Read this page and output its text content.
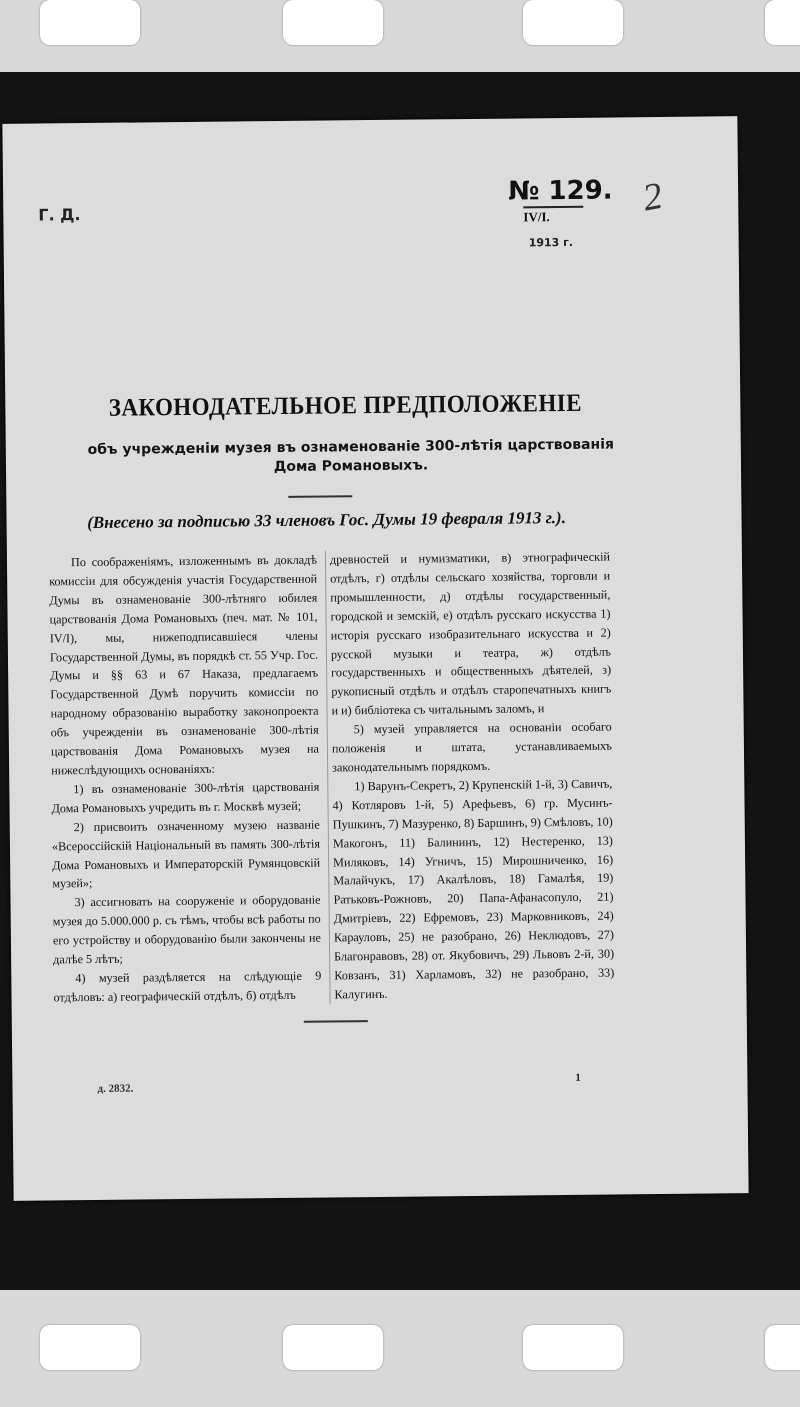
Г. Д.
№ 129.
IV/I.
1913 г.
2
ЗАКОНОДАТЕЛЬНОЕ ПРЕДПОЛОЖЕНІЕ
объ учрежденіи музея въ ознаменованіе 300-лѣтія царствованія Дома Романовыхъ.
(Внесено за подписью 33 членовъ Гос. Думы 19 февраля 1913 г.).

По соображеніямъ, изложеннымъ въ докладѣ комиссіи для обсужденія участія Государственной Думы въ ознаменованіе 300-лѣтняго юбилея царствованія Дома Романовыхъ (печ. мат. № 101, IV/I), мы, нижеподписавшіеся члены Государственной Думы, въ порядкѣ ст. 55 Учр. Гос. Думы и §§ 63 и 67 Наказа, предлагаемъ Государственной Думѣ поручить комиссіи по народному образованію выработку законопроекта объ учрежденіи въ ознаменованіе 300-лѣтія царствованія Дома Романовыхъ музея на нижеслѣдующихъ основаніяхъ:

1) въ ознаменованіе 300-лѣтія царствованія Дома Романовыхъ учредить въ г. Москвѣ музей;

2) присвоить означенному музею названіе «Всероссійскій Національный въ память 300-лѣтія Дома Романовыхъ и Императорскій Румянцовскій музей»;

3) ассигновать на сооруженіе и оборудованіе музея до 5.000.000 р. съ тѣмъ, чтобы всѣ работы по его устройству и оборудованію были закончены не далѣе 5 лѣтъ;

4) музей раздѣляется на слѣдующіе 9 отдѣловъ: а) географическій отдѣлъ, б) отдѣлъ

древностей и нумизматики, в) этнографическій отдѣлъ, г) отдѣлы сельскаго хозяйства, торговли и промышленности, д) отдѣлы государственный, городской и земскій, е) отдѣлъ русскаго искусства 1) исторія русскаго изобразительнаго искусства и 2) русской музыки и театра, ж) отдѣлъ государственныхъ и общественныхъ дѣятелей, з) рукописный отдѣлъ и отдѣлъ старопечатныхъ книгъ и и) библіотека съ читальнымъ заломъ, и

5) музей управляется на основаніи особаго положенія и штата, устанавливаемыхъ законодательнымъ порядкомъ.

1) Варунъ-Секретъ, 2) Крупенскій 1-й, 3) Савичъ, 4) Котляровъ 1-й, 5) Арефьевъ, 6) гр. Мусинъ-Пушкинъ, 7) Мазуренко, 8) Баршинъ, 9) Смѣловъ, 10) Макогонъ, 11) Балининъ, 12) Нестеренко, 13) Миляковъ, 14) Угничъ, 15) Мирошниченко, 16) Малайчукъ, 17) Акалѣловъ, 18) Гамалѣя, 19) Ратьковъ-Рожновъ, 20) Папа-Афанасопуло, 21) Дмитріевъ, 22) Ефремовъ, 23) Марковниковъ, 24) Карауловъ, 25) не разобрано, 26) Неклюдовъ, 27) Благонравовъ, 28) от. Якубовичъ, 29) Львовъ 2-й, 30) Ковзанъ, 31) Харламовъ, 32) не разобрано, 33) Калугинъ.

д. 2832.
1
